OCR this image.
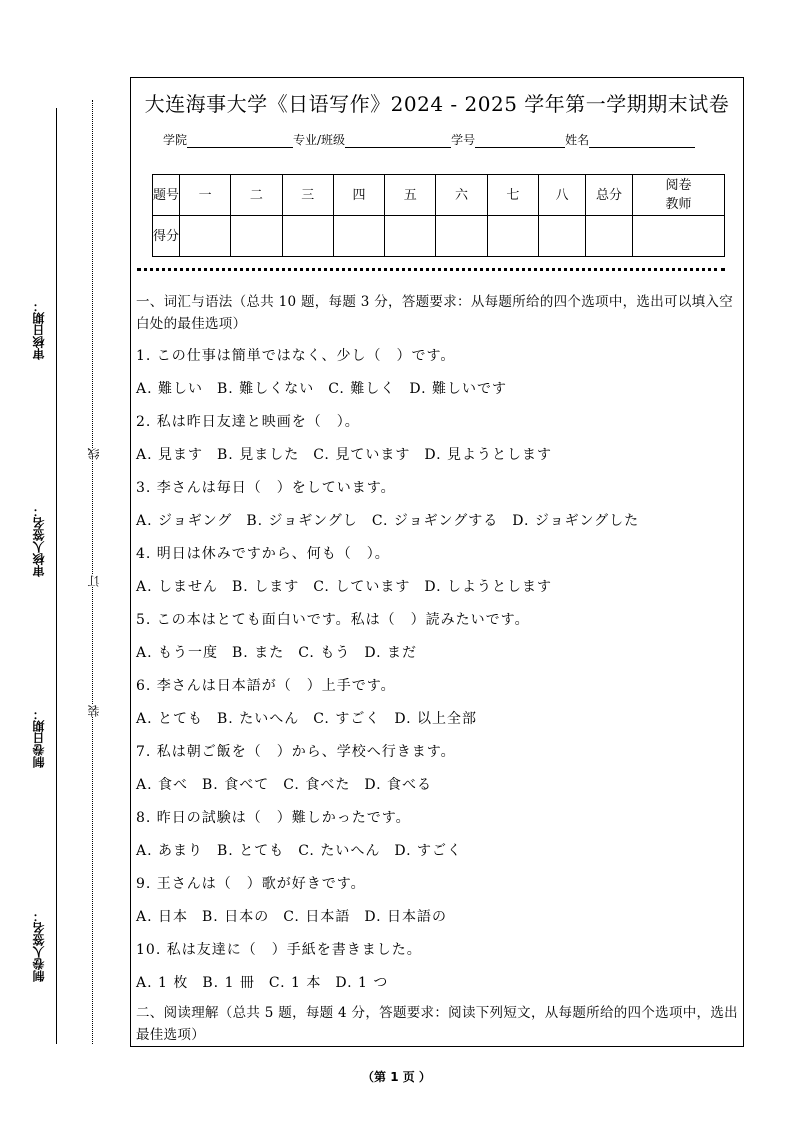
审核日期：
审核人签名：
制卷日期：
制卷人签名：
线
订
装
大连海事大学《日语写作》2024 - 2025 学年第一学期期末试卷
学院	专业/班级	学号	姓名
题号	一	二	三	四	五	六	七	八	总分	阅卷教师
得分										

一、词汇与语法（总共 10 题，每题 3 分，答题要求：从每题所给的四个选项中，选出可以填入空白处的最佳选项）

1. この仕事は簡単ではなく、少し（　）です。

A. 難しい B. 難しくない C. 難しく D. 難しいです

2. 私は昨日友達と映画を（　）。

A. 見ます B. 見ました C. 見ています D. 見ようとします

3. 李さんは毎日（　）をしています。

A. ジョギング B. ジョギングし C. ジョギングする D. ジョギングした

4. 明日は休みですから、何も（　）。

A. しません B. します C. しています D. しようとします

5. この本はとても面白いです。私は（　）読みたいです。

A. もう一度 B. また C. もう D. まだ

6. 李さんは日本語が（　）上手です。

A. とても B. たいへん C. すごく D. 以上全部

7. 私は朝ご飯を（　）から、学校へ行きます。

A. 食べ B. 食べて C. 食べた D. 食べる

8. 昨日の試験は（　）難しかったです。

A. あまり B. とても C. たいへん D. すごく

9. 王さんは（　）歌が好きです。

A. 日本 B. 日本の C. 日本語 D. 日本語の

10. 私は友達に（　）手紙を書きました。

A. 1 枚 B. 1 冊 C. 1 本 D. 1 つ

二、阅读理解（总共 5 题，每题 4 分，答题要求：阅读下列短文，从每题所给的四个选项中，选出最佳选项）

（第 1 页 ）
